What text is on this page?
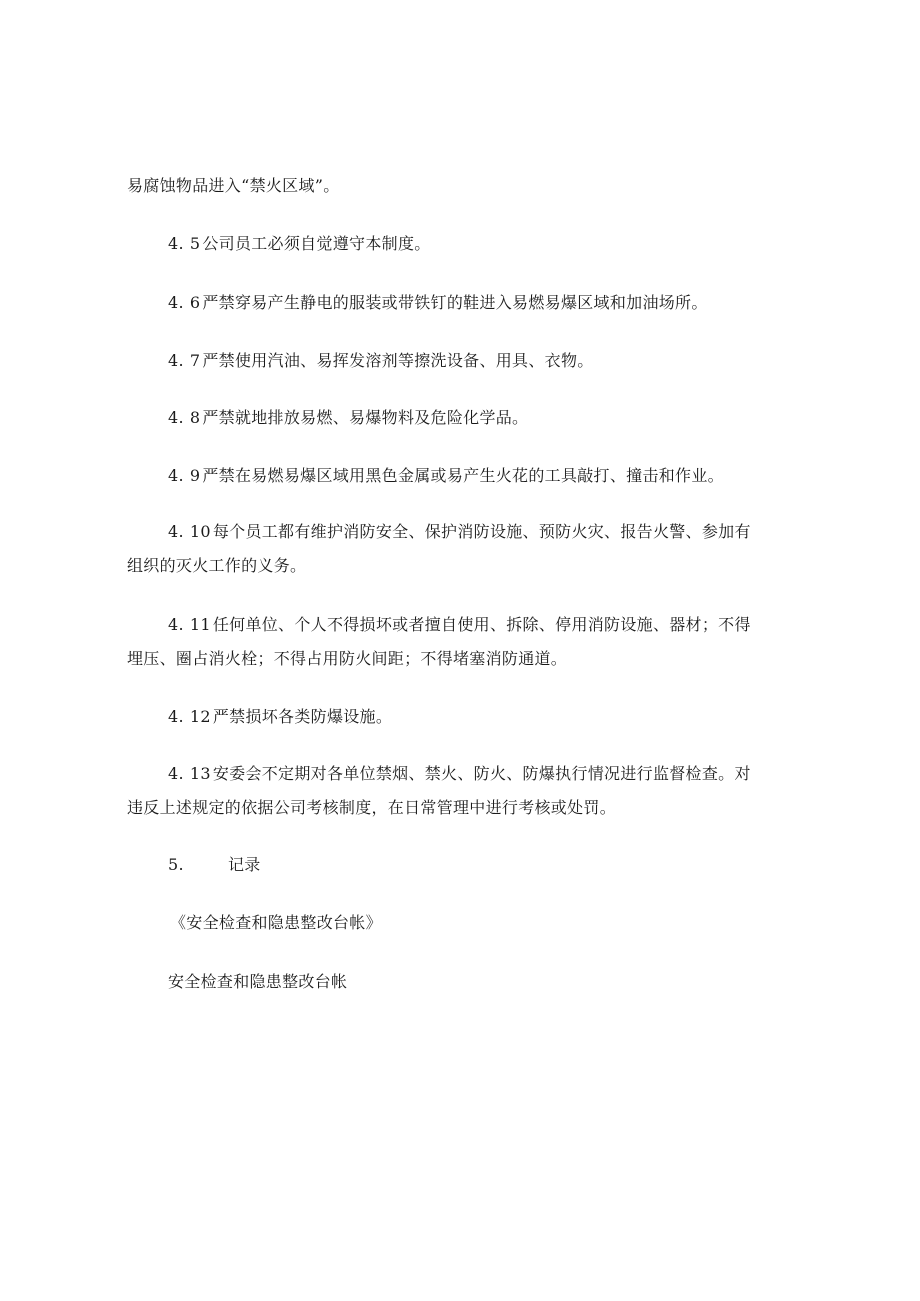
易腐蚀物品进入“禁火区域”。
4. 5 公司员工必须自觉遵守本制度。
4. 6 严禁穿易产生静电的服装或带铁钉的鞋进入易燃易爆区域和加油场所。
4. 7 严禁使用汽油、易挥发溶剂等擦洗设备、用具、衣物。
4. 8 严禁就地排放易燃、易爆物料及危险化学品。
4. 9 严禁在易燃易爆区域用黑色金属或易产生火花的工具敲打、撞击和作业。
4. 10 每个员工都有维护消防安全、保护消防设施、预防火灾、报告火警、参加有
组织的灭火工作的义务。
4. 11 任何单位、个人不得损坏或者擅自使用、拆除、停用消防设施、器材；不得
埋压、圈占消火栓；不得占用防火间距；不得堵塞消防通道。
4. 12 严禁损坏各类防爆设施。
4. 13 安委会不定期对各单位禁烟、禁火、防火、防爆执行情况进行监督检查。对
违反上述规定的依据公司考核制度，在日常管理中进行考核或处罚。
5.	记录
《安全检查和隐患整改台帐》
安全检查和隐患整改台帐
